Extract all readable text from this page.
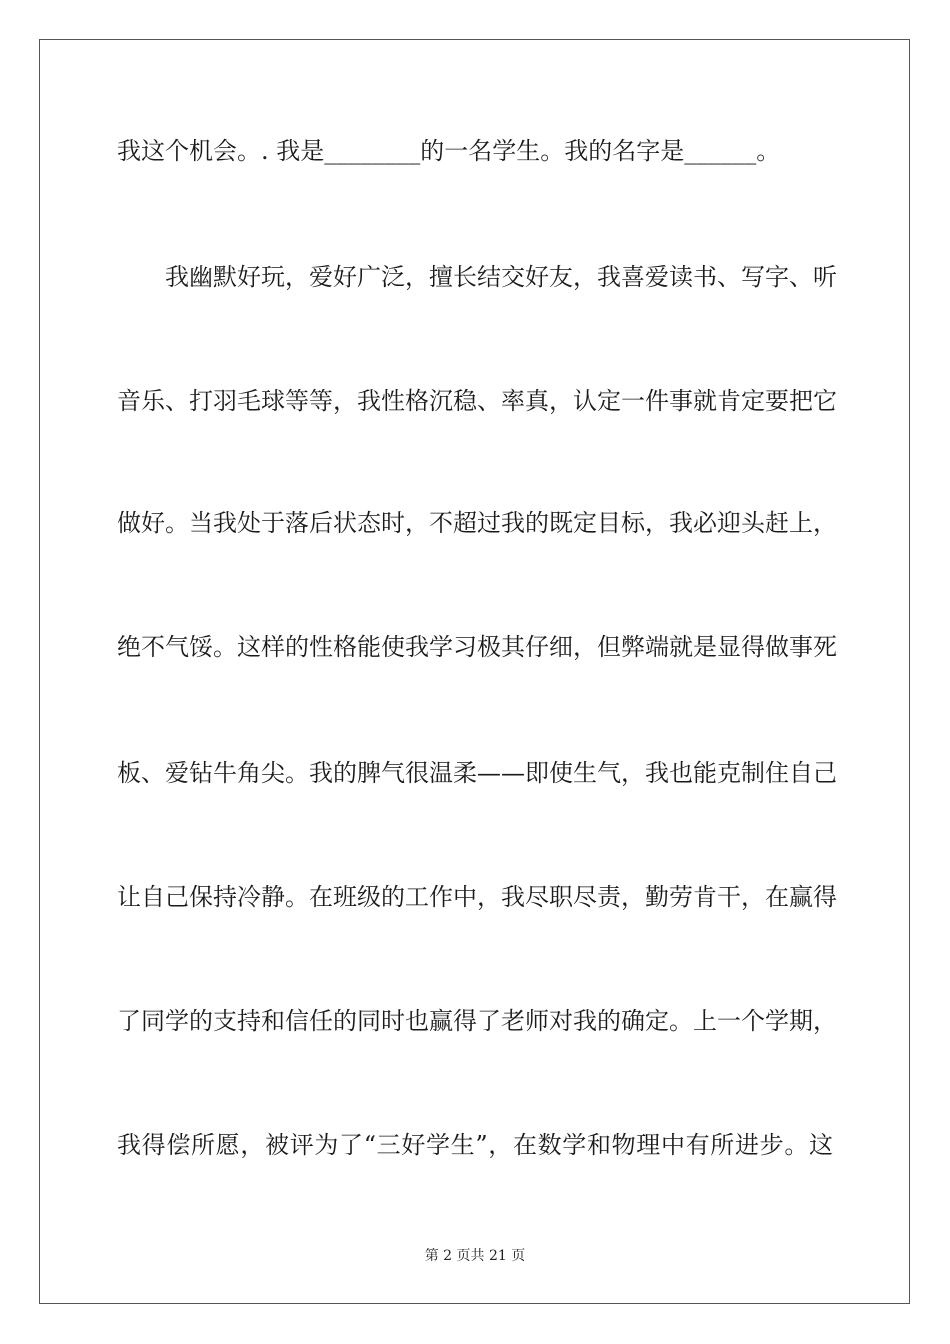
我这个机会。. 我是________的一名学生。我的名字是______。
我幽默好玩，爱好广泛，擅长结交好友，我喜爱读书、写字、听
音乐、打羽毛球等等，我性格沉稳、率真，认定一件事就肯定要把它
做好。当我处于落后状态时，不超过我的既定目标，我必迎头赶上，
绝不气馁。这样的性格能使我学习极其仔细，但弊端就是显得做事死
板、爱钻牛角尖。我的脾气很温柔——即使生气，我也能克制住自己
让自己保持冷静。在班级的工作中，我尽职尽责，勤劳肯干，在赢得
了同学的支持和信任的同时也赢得了老师对我的确定。上一个学期，
我得偿所愿，被评为了“三好学生”，在数学和物理中有所进步。这
第 2 页共 21 页
